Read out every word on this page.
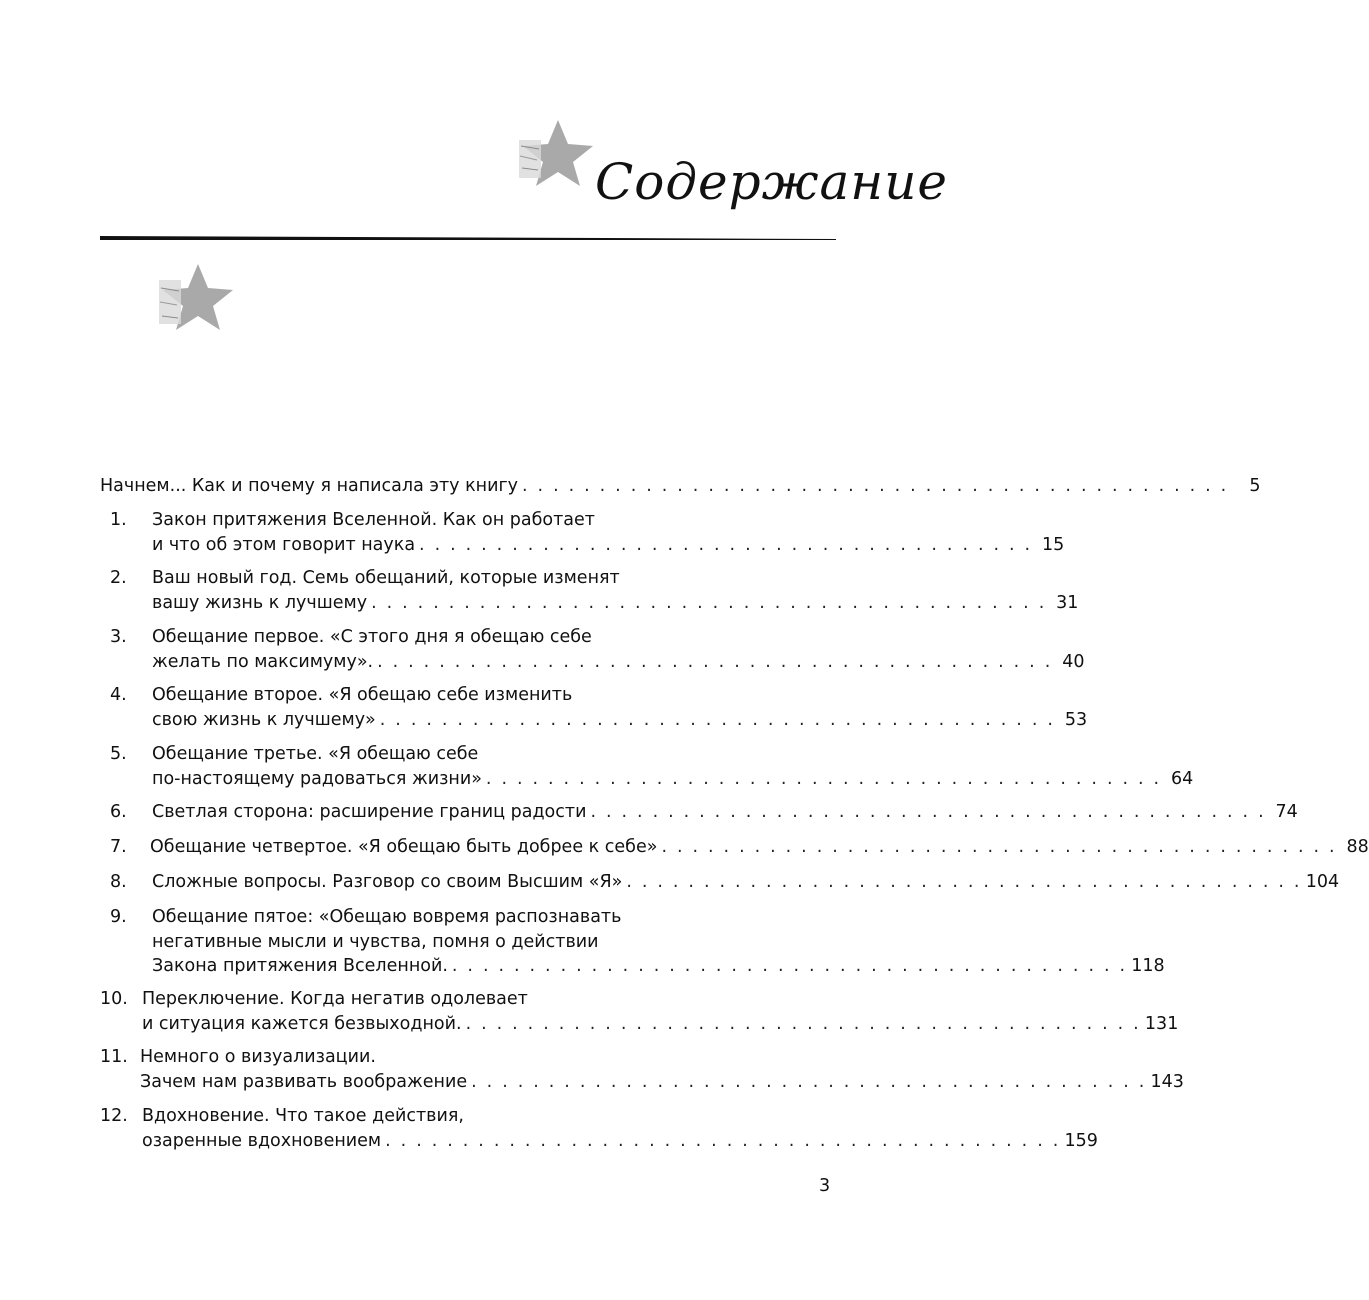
Содержание
Начнем... Как и почему я написала эту книгу . . . . . . . . . . . . . . . . . . . . . . . . . . . . . . . . . . . . . . . . . . . . . .	5
1.	Закон притяжения Вселенной. Как он работает
и что об этом говорит наука . . . . . . . . . . . . . . . . . . . . . . . . . . . . . . . . . . . . . . . . 15
2.	Ваш новый год. Семь обещаний, которые изменят
вашу жизнь к лучшему . . . . . . . . . . . . . . . . . . . . . . . . . . . . . . . . . . . . . . . . . . . . 31
3.	Обещание первое. «С этого дня я обещаю себе
желать по максимуму». . . . . . . . . . . . . . . . . . . . . . . . . . . . . . . . . . . . . . . . . . . . . 40
4.	Обещание второе. «Я обещаю себе изменить
свою жизнь к лучшему» . . . . . . . . . . . . . . . . . . . . . . . . . . . . . . . . . . . . . . . . . . . . 53
5.	Обещание третье. «Я обещаю себе
по-настоящему радоваться жизни» . . . . . . . . . . . . . . . . . . . . . . . . . . . . . . . . . . . . . . . . . . . . 64
6.	Светлая сторона: расширение границ радости . . . . . . . . . . . . . . . . . . . . . . . . . . . . . . . . . . . . . . . . . . . . 74
7.	Обещание четвертое. «Я обещаю быть добрее к себе» . . . . . . . . . . . . . . . . . . . . . . . . . . . . . . . . . . . . . . . . . . . . 88
8.	Сложные вопросы. Разговор со своим Высшим «Я» . . . . . . . . . . . . . . . . . . . . . . . . . . . . . . . . . . . . . . . . . . . . 104
9.	Обещание пятое: «Обещаю вовремя распознавать
негативные мысли и чувства, помня о действии
Закона притяжения Вселенной. . . . . . . . . . . . . . . . . . . . . . . . . . . . . . . . . . . . . . . . . . . . . 118
10. Переключение. Когда негатив одолевает
и ситуация кажется безвыходной. . . . . . . . . . . . . . . . . . . . . . . . . . . . . . . . . . . . . . . . . . . . . 131
11. Немного о визуализации.
Зачем нам развивать воображение . . . . . . . . . . . . . . . . . . . . . . . . . . . . . . . . . . . . . . . . . . . . 143
12. Вдохновение. Что такое действия,
озаренные вдохновением . . . . . . . . . . . . . . . . . . . . . . . . . . . . . . . . . . . . . . . . . . . . 159
3
